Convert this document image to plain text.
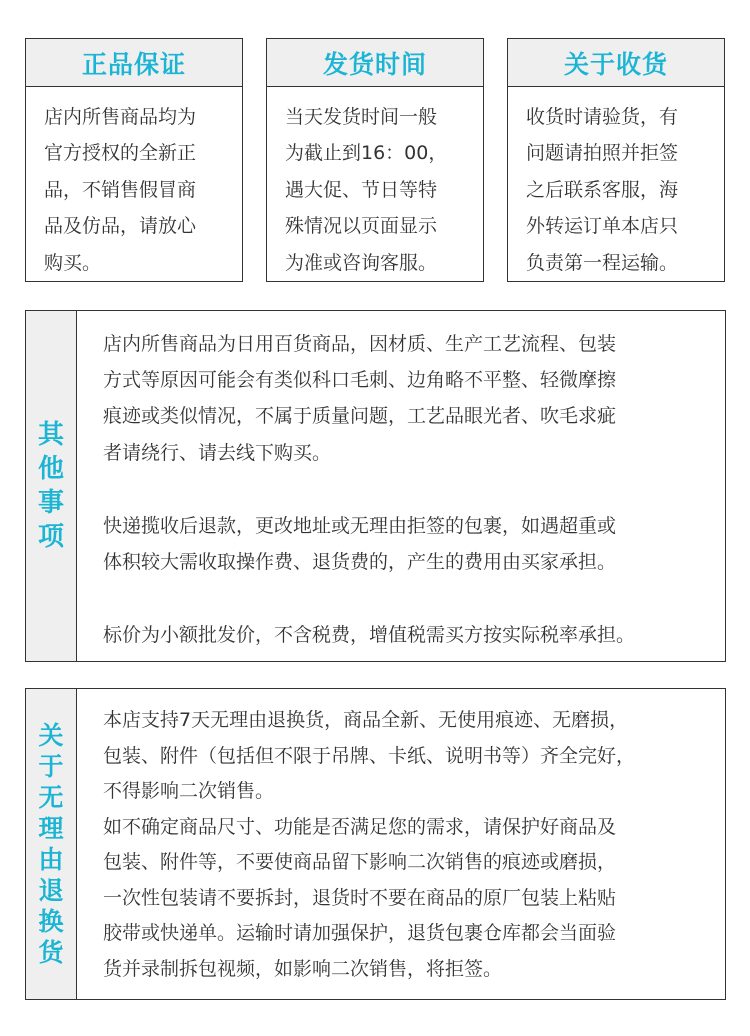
正品保证
店内所售商品均为
官方授权的全新正
品，不销售假冒商
品及仿品，请放心
购买。
发货时间
当天发货时间一般
为截止到16：00，
遇大促、节日等特
殊情况以页面显示
为准或咨询客服。
关于收货
收货时请验货，有
问题请拍照并拒签
之后联系客服，海
外转运订单本店只
负责第一程运输。
其
他
事
项
店内所售商品为日用百货商品，因材质、生产工艺流程、包装
方式等原因可能会有类似科口毛刺、边角略不平整、轻微摩擦
痕迹或类似情况，不属于质量问题，工艺品眼光者、吹毛求疵
者请绕行、请去线下购买。
快递揽收后退款，更改地址或无理由拒签的包裹，如遇超重或
体积较大需收取操作费、退货费的，产生的费用由买家承担。
标价为小额批发价，不含税费，增值税需买方按实际税率承担。
关
于
无
理
由
退
换
货
本店支持7天无理由退换货，商品全新、无使用痕迹、无磨损，
包装、附件（包括但不限于吊牌、卡纸、说明书等）齐全完好，
不得影响二次销售。
如不确定商品尺寸、功能是否满足您的需求，请保护好商品及
包装、附件等，不要使商品留下影响二次销售的痕迹或磨损，
一次性包装请不要拆封，退货时不要在商品的原厂包装上粘贴
胶带或快递单。运输时请加强保护，退货包裹仓库都会当面验
货并录制拆包视频，如影响二次销售，将拒签。
